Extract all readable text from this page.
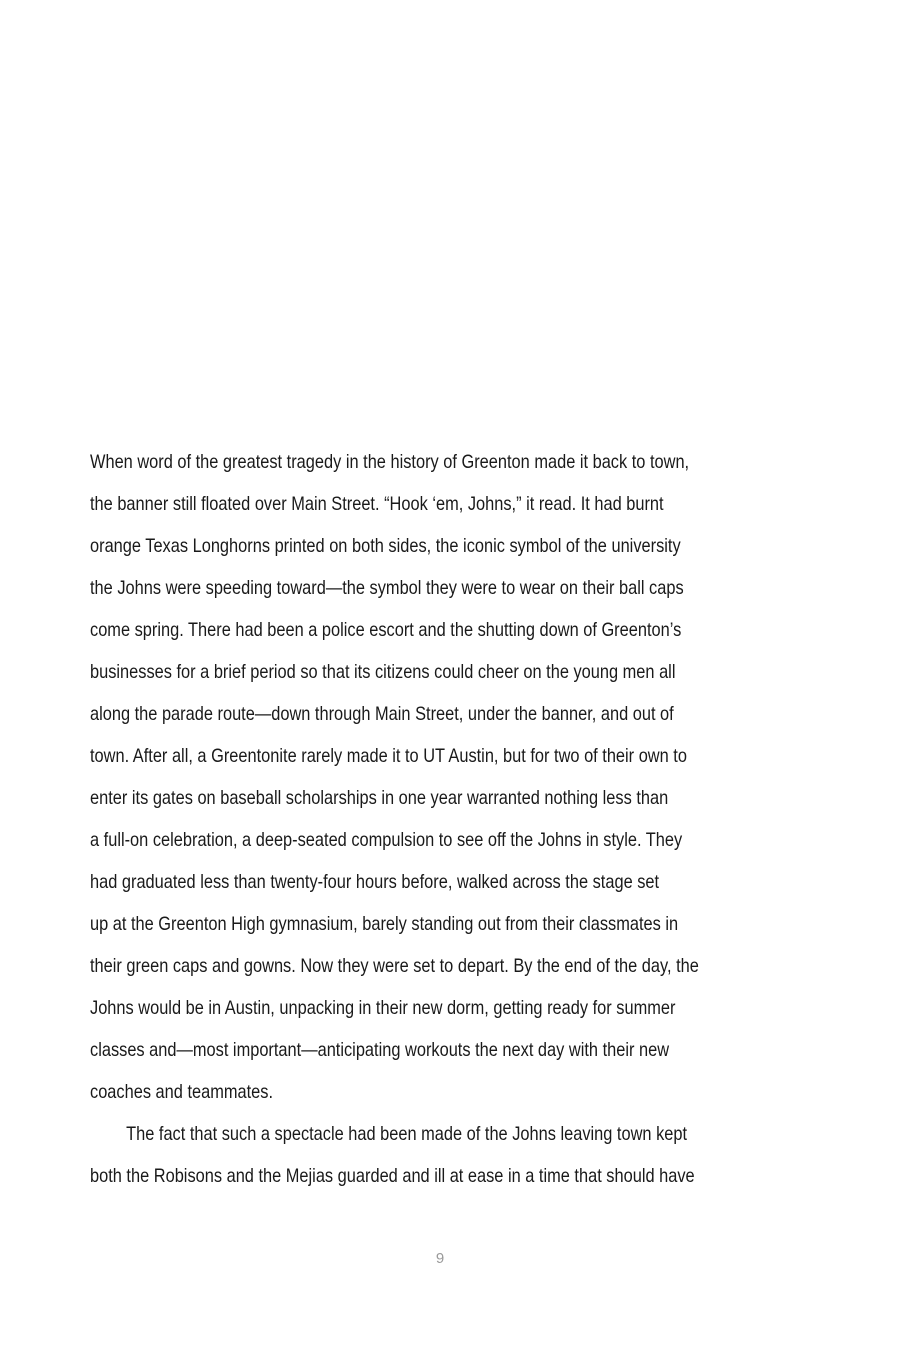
When word of the greatest tragedy in the history of Greenton made it back to town,
the banner still floated over Main Street. “Hook ‘em, Johns,” it read. It had burnt
orange Texas Longhorns printed on both sides, the iconic symbol of the university
the Johns were speeding toward—the symbol they were to wear on their ball caps
come spring. There had been a police escort and the shutting down of Greenton’s
businesses for a brief period so that its citizens could cheer on the young men all
along the parade route—down through Main Street, under the banner, and out of
town. After all, a Greentonite rarely made it to UT Austin, but for two of their own to
enter its gates on baseball scholarships in one year warranted nothing less than
a full-on celebration, a deep-seated compulsion to see off the Johns in style. They
had graduated less than twenty-four hours before, walked across the stage set
up at the Greenton High gymnasium, barely standing out from their classmates in
their green caps and gowns. Now they were set to depart. By the end of the day, the
Johns would be in Austin, unpacking in their new dorm, getting ready for summer
classes and—most important—anticipating workouts the next day with their new
coaches and teammates.
The fact that such a spectacle had been made of the Johns leaving town kept
both the Robisons and the Mejias guarded and ill at ease in a time that should have
9
